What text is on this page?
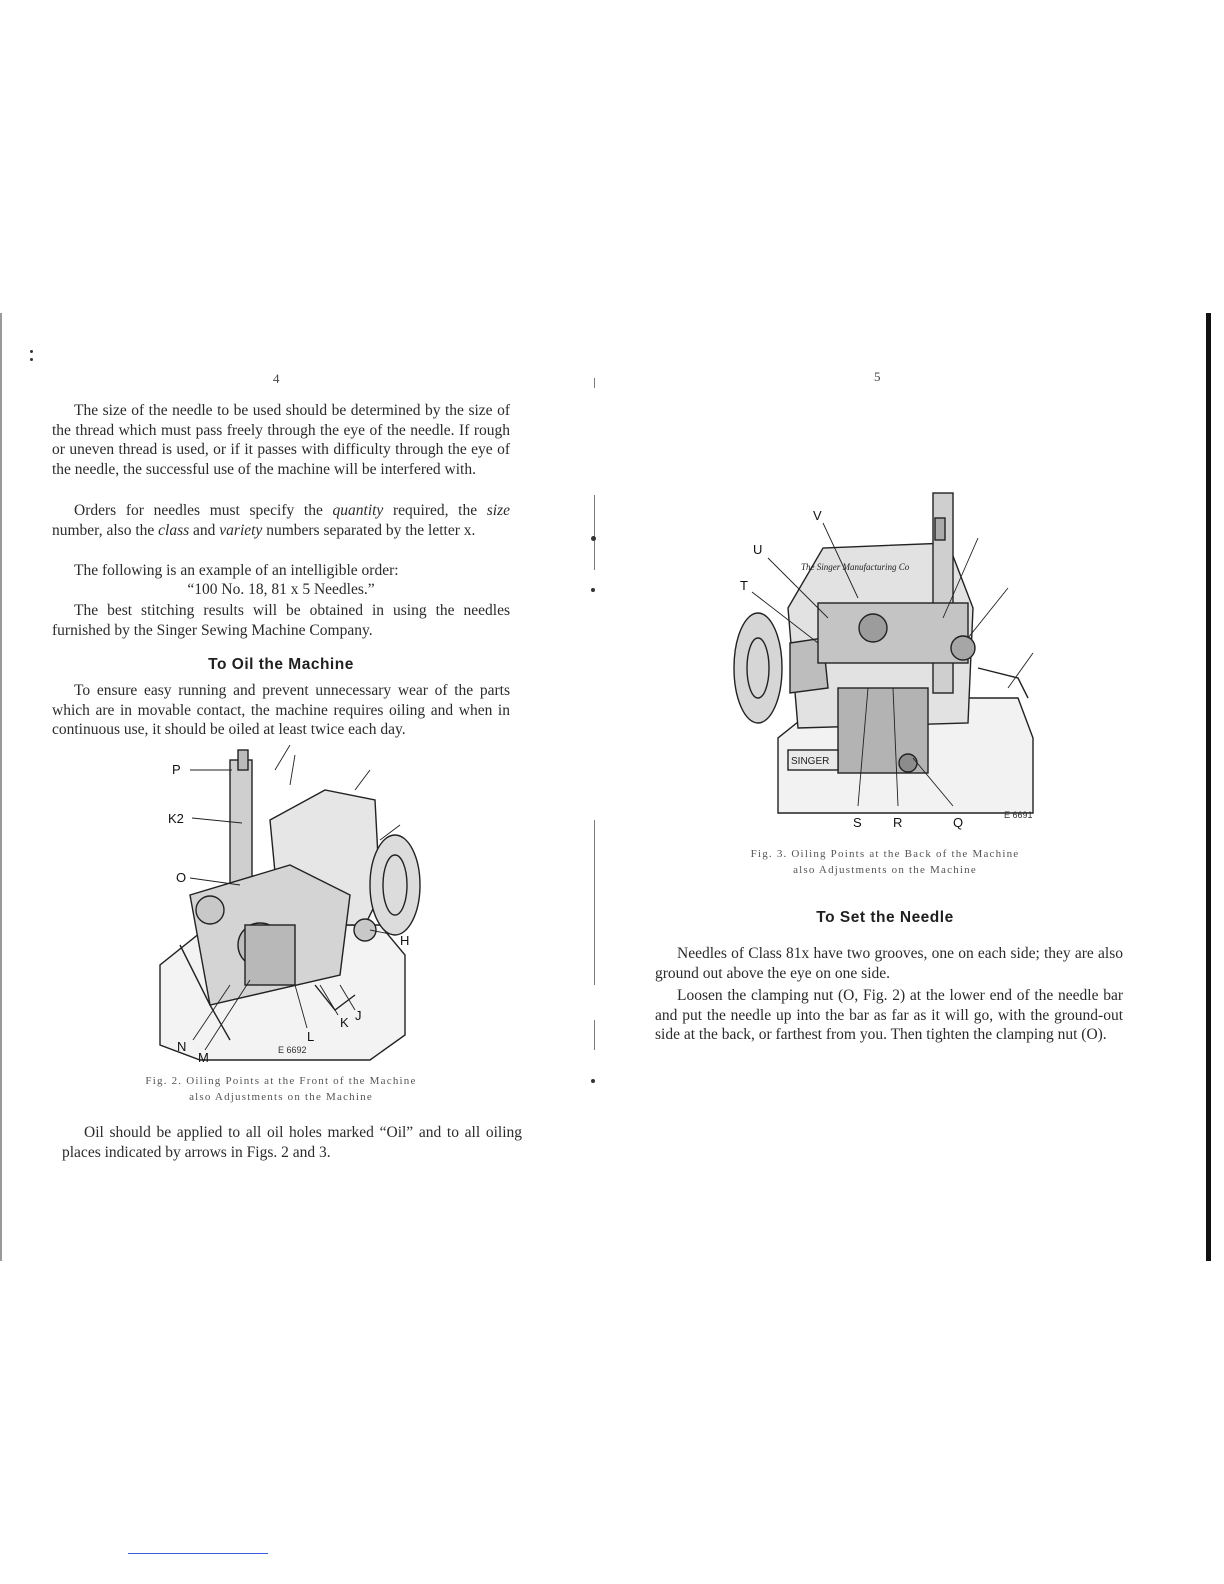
4

The size of the needle to be used should be determined by the size of the thread which must pass freely through the eye of the needle. If rough or uneven thread is used, or if it passes with difficulty through the eye of the needle, the successful use of the machine will be interfered with.

Orders for needles must specify the quantity required, the size number, also the class and variety numbers separated by the letter x.

The following is an example of an intelligible order:

“100 No. 18, 81 x 5 Needles.”

The best stitching results will be obtained in using the needles furnished by the Singer Sewing Machine Company.

To Oil the Machine

To ensure easy running and prevent unnecessary wear of the parts which are in movable contact, the machine requires oiling and when in continuous use, it should be oiled at least twice each day.

P
K2
O
H
J
K
L
N
M	E 6692

Fig. 2. Oiling Points at the Front of the Machine
also Adjustments on the Machine

Oil should be applied to all oil holes marked “Oil” and to all oiling places indicated by arrows in Figs. 2 and 3.

5
The Singer Manufacturing Co
SINGER
V
U
T
S R	Q	E 6691

Fig. 3. Oiling Points at the Back of the Machine
also Adjustments on the Machine

To Set the Needle

Needles of Class 81x have two grooves, one on each side; they are also ground out above the eye on one side.

Loosen the clamping nut (O, Fig. 2) at the lower end of the needle bar and put the needle up into the bar as far as it will go, with the ground-out side at the back, or farthest from you. Then tighten the clamping nut (O).
